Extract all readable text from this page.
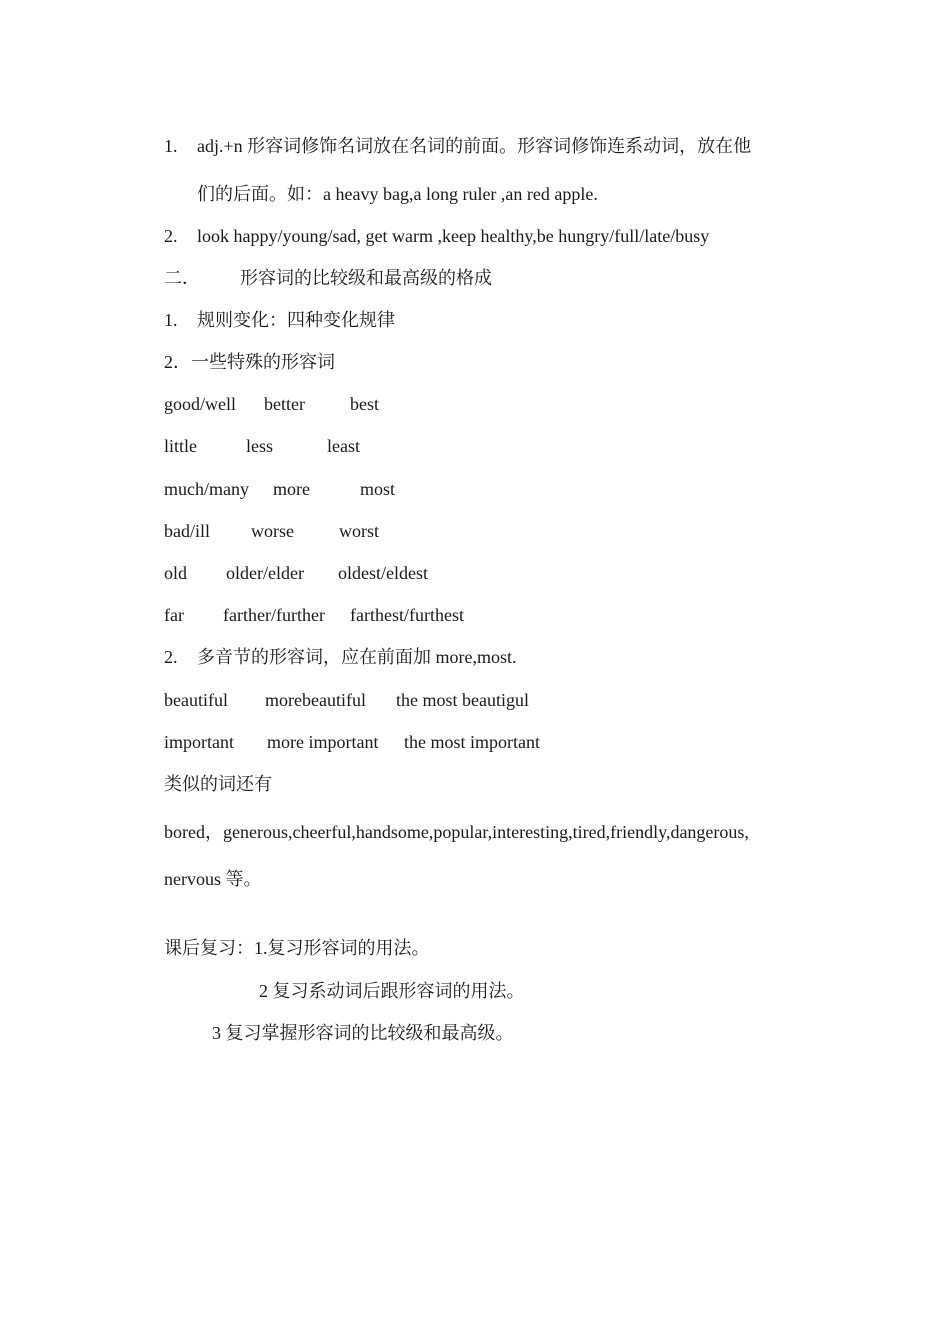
1. adj.+n 形容词修饰名词放在名词的前面。形容词修饰连系动词，放在他
们的后面。如：a heavy bag,a long ruler ,an red apple.
2. look happy/young/sad, get warm ,keep healthy,be hungry/full/late/busy
二． 形容词的比较级和最高级的格成
1. 规则变化：四种变化规律
2．一些特殊的形容词
good/well better	best
little	less	least
much/many more	most
bad/ill worse	worst
old older/elder oldest/eldest
far farther/further farthest/furthest
2. 多音节的形容词，应在前面加 more,most.
beautiful morebeautiful the most beautigul
important more important the most important
类似的词还有
bored，generous,cheerful,handsome,popular,interesting,tired,friendly,dangerous,
nervous 等。
课后复习：1.复习形容词的用法。
2 复习系动词后跟形容词的用法。
3 复习掌握形容词的比较级和最高级。
